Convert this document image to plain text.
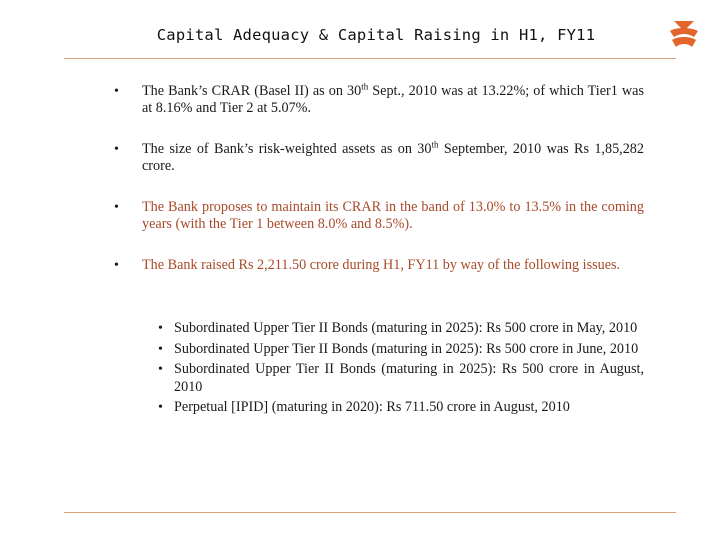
Capital Adequacy & Capital Raising in H1, FY11
• The Bank’s CRAR (Basel II) as on 30th Sept., 2010 was at 13.22%; of which Tier1 was at 8.16% and Tier 2 at 5.07%.
• The size of Bank’s risk-weighted assets as on 30th September, 2010 was Rs 1,85,282 crore.
• The Bank proposes to maintain its CRAR in the band of 13.0% to 13.5% in the coming years (with the Tier 1 between 8.0% and 8.5%).
• The Bank raised Rs 2,211.50 crore during H1, FY11 by way of the following issues.
• Subordinated Upper Tier II Bonds (maturing in 2025): Rs 500 crore in May, 2010
• Subordinated Upper Tier II Bonds (maturing in 2025): Rs 500 crore in June, 2010
• Subordinated Upper Tier II Bonds (maturing in 2025): Rs 500 crore in August, 2010
• Perpetual [IPID] (maturing in 2020): Rs 711.50 crore in August, 2010
